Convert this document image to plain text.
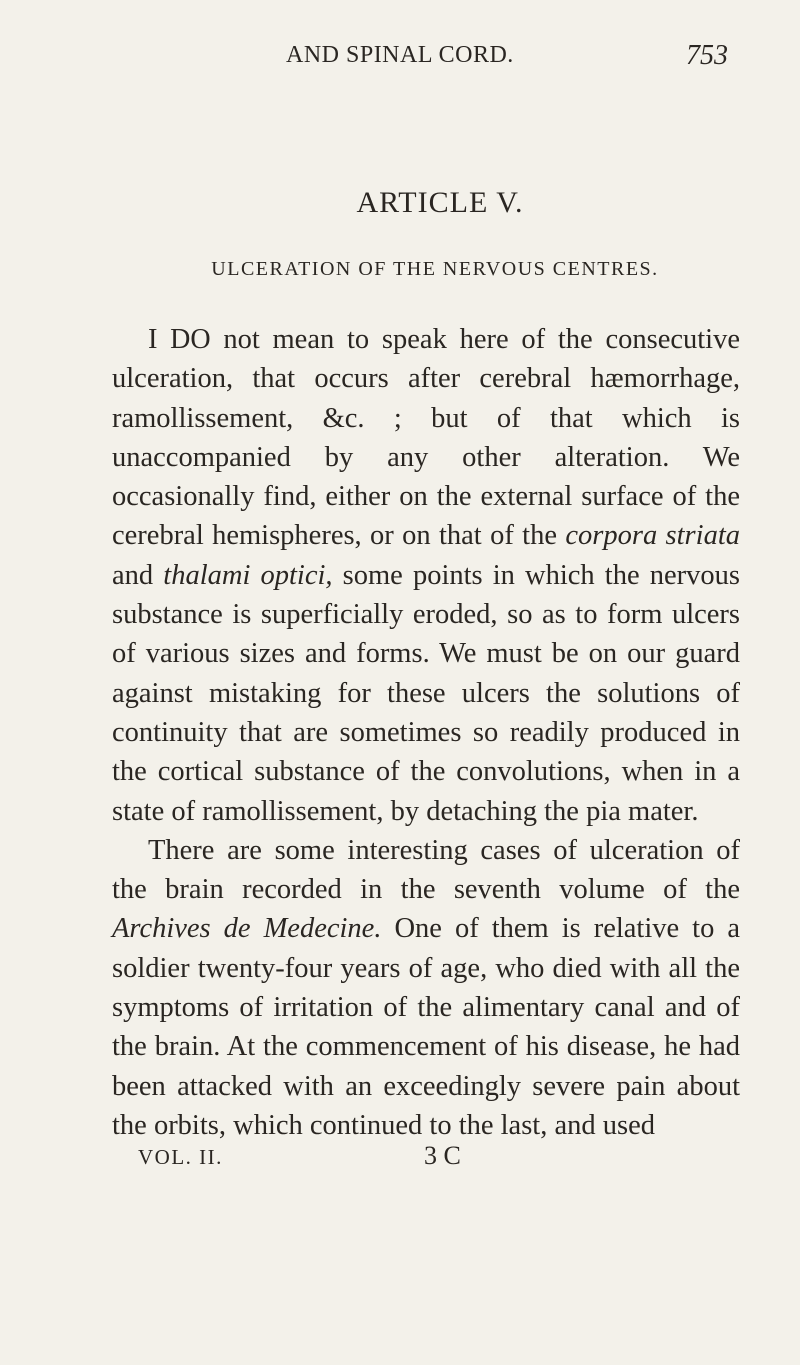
AND SPINAL CORD.	753
ARTICLE V.
ULCERATION OF THE NERVOUS CENTRES.

I DO not mean to speak here of the consecutive ulceration, that occurs after cerebral hæmorrhage, ramollissement, &c. ; but of that which is unaccompanied by any other alteration. We occasionally find, either on the external surface of the cerebral hemispheres, or on that of the corpora striata and thalami optici, some points in which the nervous substance is superficially eroded, so as to form ulcers of various sizes and forms. We must be on our guard against mistaking for these ulcers the solutions of continuity that are sometimes so readily produced in the cortical substance of the convolutions, when in a state of ramollissement, by detaching the pia mater.

There are some interesting cases of ulceration of the brain recorded in the seventh volume of the Archives de Medecine. One of them is relative to a soldier twenty-four years of age, who died with all the symptoms of irritation of the alimentary canal and of the brain. At the commencement of his disease, he had been attacked with an exceedingly severe pain about the orbits, which continued to the last, and used

VOL. II.	3 C
